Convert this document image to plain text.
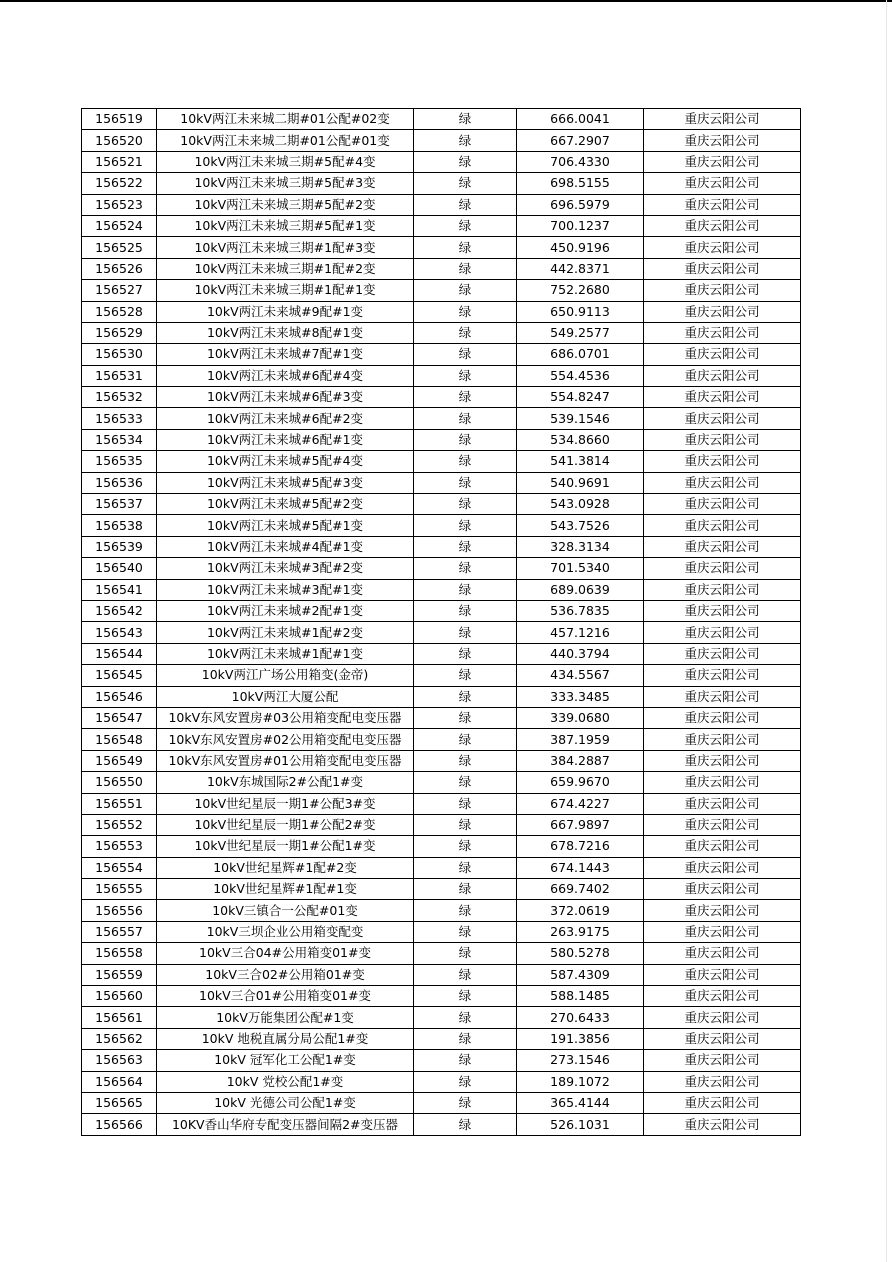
156519	10kV两江未来城二期#01公配#02变	绿	666.0041	重庆云阳公司
156520	10kV两江未来城二期#01公配#01变	绿	667.2907	重庆云阳公司
156521	10kV两江未来城三期#5配#4变	绿	706.4330	重庆云阳公司
156522	10kV两江未来城三期#5配#3变	绿	698.5155	重庆云阳公司
156523	10kV两江未来城三期#5配#2变	绿	696.5979	重庆云阳公司
156524	10kV两江未来城三期#5配#1变	绿	700.1237	重庆云阳公司
156525	10kV两江未来城三期#1配#3变	绿	450.9196	重庆云阳公司
156526	10kV两江未来城三期#1配#2变	绿	442.8371	重庆云阳公司
156527	10kV两江未来城三期#1配#1变	绿	752.2680	重庆云阳公司
156528	10kV两江未来城#9配#1变	绿	650.9113	重庆云阳公司
156529	10kV两江未来城#8配#1变	绿	549.2577	重庆云阳公司
156530	10kV两江未来城#7配#1变	绿	686.0701	重庆云阳公司
156531	10kV两江未来城#6配#4变	绿	554.4536	重庆云阳公司
156532	10kV两江未来城#6配#3变	绿	554.8247	重庆云阳公司
156533	10kV两江未来城#6配#2变	绿	539.1546	重庆云阳公司
156534	10kV两江未来城#6配#1变	绿	534.8660	重庆云阳公司
156535	10kV两江未来城#5配#4变	绿	541.3814	重庆云阳公司
156536	10kV两江未来城#5配#3变	绿	540.9691	重庆云阳公司
156537	10kV两江未来城#5配#2变	绿	543.0928	重庆云阳公司
156538	10kV两江未来城#5配#1变	绿	543.7526	重庆云阳公司
156539	10kV两江未来城#4配#1变	绿	328.3134	重庆云阳公司
156540	10kV两江未来城#3配#2变	绿	701.5340	重庆云阳公司
156541	10kV两江未来城#3配#1变	绿	689.0639	重庆云阳公司
156542	10kV两江未来城#2配#1变	绿	536.7835	重庆云阳公司
156543	10kV两江未来城#1配#2变	绿	457.1216	重庆云阳公司
156544	10kV两江未来城#1配#1变	绿	440.3794	重庆云阳公司
156545	10kV两江广场公用箱变(金帝)	绿	434.5567	重庆云阳公司
156546	10kV两江大厦公配	绿	333.3485	重庆云阳公司
156547	10kV东风安置房#03公用箱变配电变压器	绿	339.0680	重庆云阳公司
156548	10kV东风安置房#02公用箱变配电变压器	绿	387.1959	重庆云阳公司
156549	10kV东风安置房#01公用箱变配电变压器	绿	384.2887	重庆云阳公司
156550	10kV东城国际2#公配1#变	绿	659.9670	重庆云阳公司
156551	10kV世纪星辰一期1#公配3#变	绿	674.4227	重庆云阳公司
156552	10kV世纪星辰一期1#公配2#变	绿	667.9897	重庆云阳公司
156553	10kV世纪星辰一期1#公配1#变	绿	678.7216	重庆云阳公司
156554	10kV世纪星辉#1配#2变	绿	674.1443	重庆云阳公司
156555	10kV世纪星辉#1配#1变	绿	669.7402	重庆云阳公司
156556	10kV三镇合一公配#01变	绿	372.0619	重庆云阳公司
156557	10kV三坝企业公用箱变配变	绿	263.9175	重庆云阳公司
156558	10kV三合04#公用箱变01#变	绿	580.5278	重庆云阳公司
156559	10kV三合02#公用箱01#变	绿	587.4309	重庆云阳公司
156560	10kV三合01#公用箱变01#变	绿	588.1485	重庆云阳公司
156561	10kV万能集团公配#1变	绿	270.6433	重庆云阳公司
156562	10kV 地税直属分局公配1#变	绿	191.3856	重庆云阳公司
156563	10kV 冠军化工公配1#变	绿	273.1546	重庆云阳公司
156564	10kV 党校公配1#变	绿	189.1072	重庆云阳公司
156565	10kV 光德公司公配1#变	绿	365.4144	重庆云阳公司
156566	10KV香山华府专配变压器间隔2#变压器	绿	526.1031	重庆云阳公司
